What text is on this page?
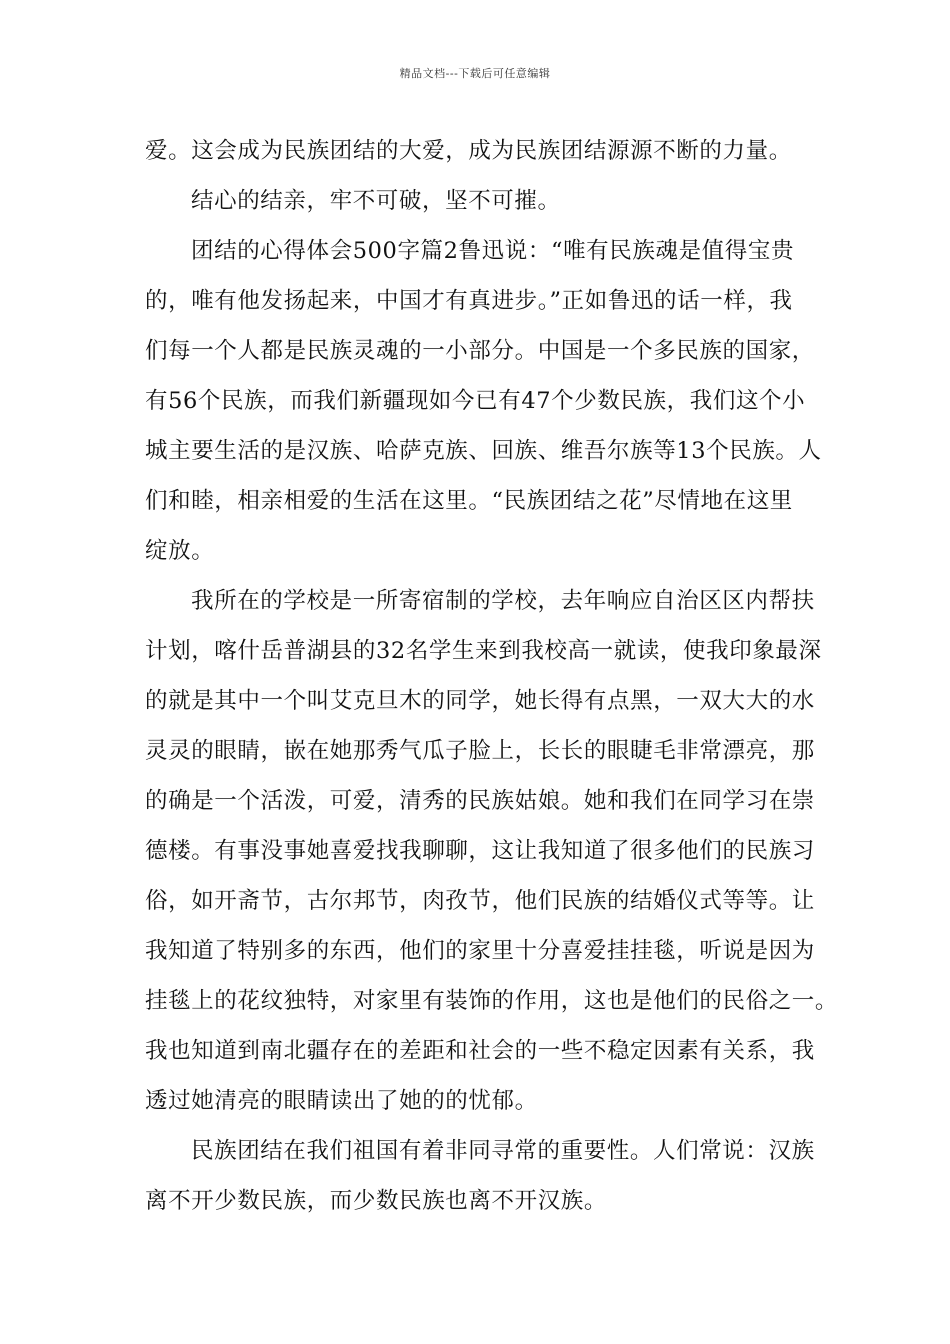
精品文档---下载后可任意编辑
爱。这会成为民族团结的大爱，成为民族团结源源不断的力量。
结心的结亲，牢不可破，坚不可摧。
团结的心得体会500字篇2鲁迅说：“唯有民族魂是值得宝贵
的，唯有他发扬起来，中国才有真进步。”正如鲁迅的话一样，我
们每一个人都是民族灵魂的一小部分。中国是一个多民族的国家，
有56个民族，而我们新疆现如今已有47个少数民族，我们这个小
城主要生活的是汉族、哈萨克族、回族、维吾尔族等13个民族。人
们和睦，相亲相爱的生活在这里。“民族团结之花”尽情地在这里
绽放。
我所在的学校是一所寄宿制的学校，去年响应自治区区内帮扶
计划，喀什岳普湖县的32名学生来到我校高一就读，使我印象最深
的就是其中一个叫艾克旦木的同学，她长得有点黑，一双大大的水
灵灵的眼睛，嵌在她那秀气瓜子脸上，长长的眼睫毛非常漂亮，那
的确是一个活泼，可爱，清秀的民族姑娘。她和我们在同学习在崇
德楼。有事没事她喜爱找我聊聊，这让我知道了很多他们的民族习
俗，如开斋节，古尔邦节，肉孜节，他们民族的结婚仪式等等。让
我知道了特别多的东西，他们的家里十分喜爱挂挂毯，听说是因为
挂毯上的花纹独特，对家里有装饰的作用，这也是他们的民俗之一。
我也知道到南北疆存在的差距和社会的一些不稳定因素有关系，我
透过她清亮的眼睛读出了她的的忧郁。
民族团结在我们祖国有着非同寻常的重要性。人们常说：汉族
离不开少数民族，而少数民族也离不开汉族。
